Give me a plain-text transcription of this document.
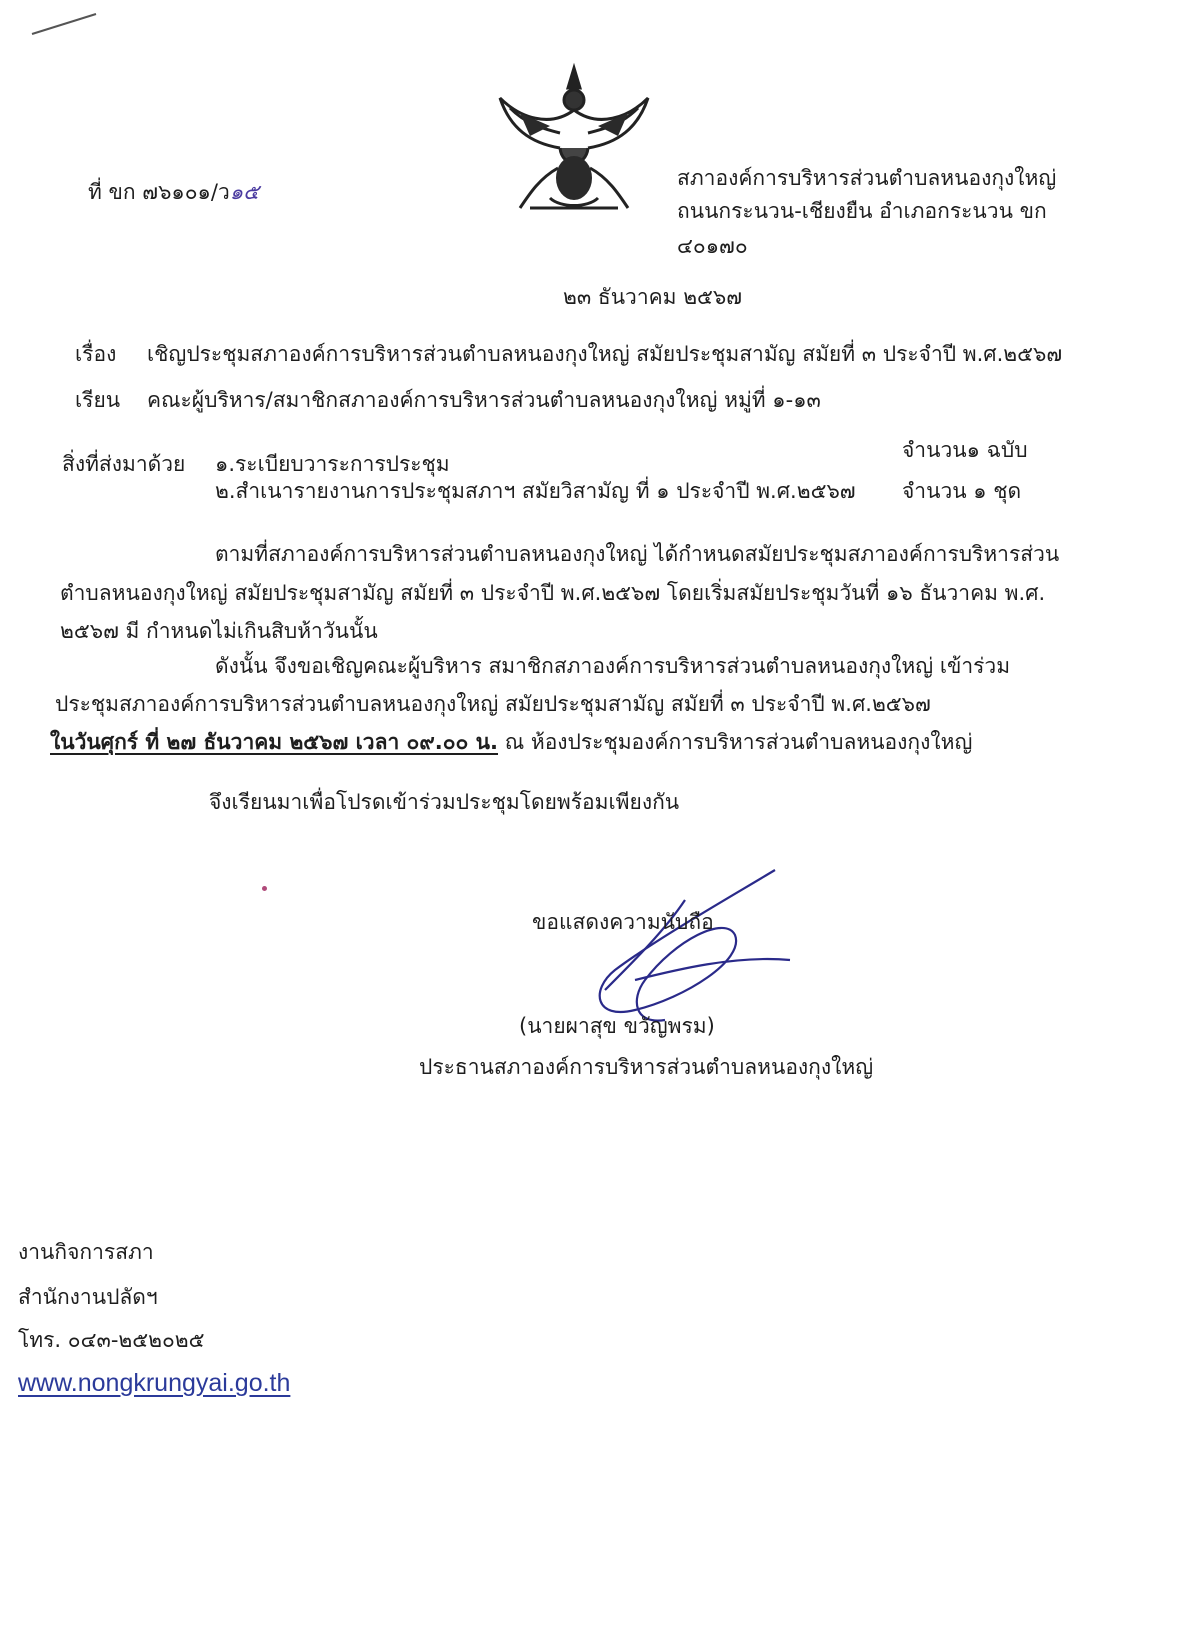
ที่ ขก ๗๖๑๐๑/ว๑๕
สภาองค์การบริหารส่วนตำบลหนองกุงใหญ่
ถนนกระนวน-เชียงยืน อำเภอกระนวน ขก
๔๐๑๗๐
๒๓ ธันวาคม ๒๕๖๗
เรื่อง เชิญประชุมสภาองค์การบริหารส่วนตำบลหนองกุงใหญ่ สมัยประชุมสามัญ สมัยที่ ๓ ประจำปี พ.ศ.๒๕๖๗
เรียน คณะผู้บริหาร/สมาชิกสภาองค์การบริหารส่วนตำบลหนองกุงใหญ่ หมู่ที่ ๑-๑๓
สิ่งที่ส่งมาด้วย ๑.ระเบียบวาระการประชุม
จำนวน๑ ฉบับ
๒.สำเนารายงานการประชุมสภาฯ สมัยวิสามัญ ที่ ๑ ประจำปี พ.ศ.๒๕๖๗ จำนวน ๑ ชุด
ตามที่สภาองค์การบริหารส่วนตำบลหนองกุงใหญ่ ได้กำหนดสมัยประชุมสภาองค์การบริหารส่วน
ตำบลหนองกุงใหญ่ สมัยประชุมสามัญ สมัยที่ ๓ ประจำปี พ.ศ.๒๕๖๗ โดยเริ่มสมัยประชุมวันที่ ๑๖ ธันวาคม พ.ศ.
๒๕๖๗ มี กำหนดไม่เกินสิบห้าวันนั้น
ดังนั้น จึงขอเชิญคณะผู้บริหาร สมาชิกสภาองค์การบริหารส่วนตำบลหนองกุงใหญ่ เข้าร่วม
ประชุมสภาองค์การบริหารส่วนตำบลหนองกุงใหญ่ สมัยประชุมสามัญ สมัยที่ ๓ ประจำปี พ.ศ.๒๕๖๗
ในวันศุกร์ ที่ ๒๗ ธันวาคม ๒๕๖๗ เวลา ๐๙.๐๐ น. ณ ห้องประชุมองค์การบริหารส่วนตำบลหนองกุงใหญ่
จึงเรียนมาเพื่อโปรดเข้าร่วมประชุมโดยพร้อมเพียงกัน
ขอแสดงความนับถือ
(นายผาสุข ขวัญพรม)
ประธานสภาองค์การบริหารส่วนตำบลหนองกุงใหญ่
งานกิจการสภา
สำนักงานปลัดฯ
โทร. ๐๔๓-๒๕๒๐๒๕
www.nongkrungyai.go.th
